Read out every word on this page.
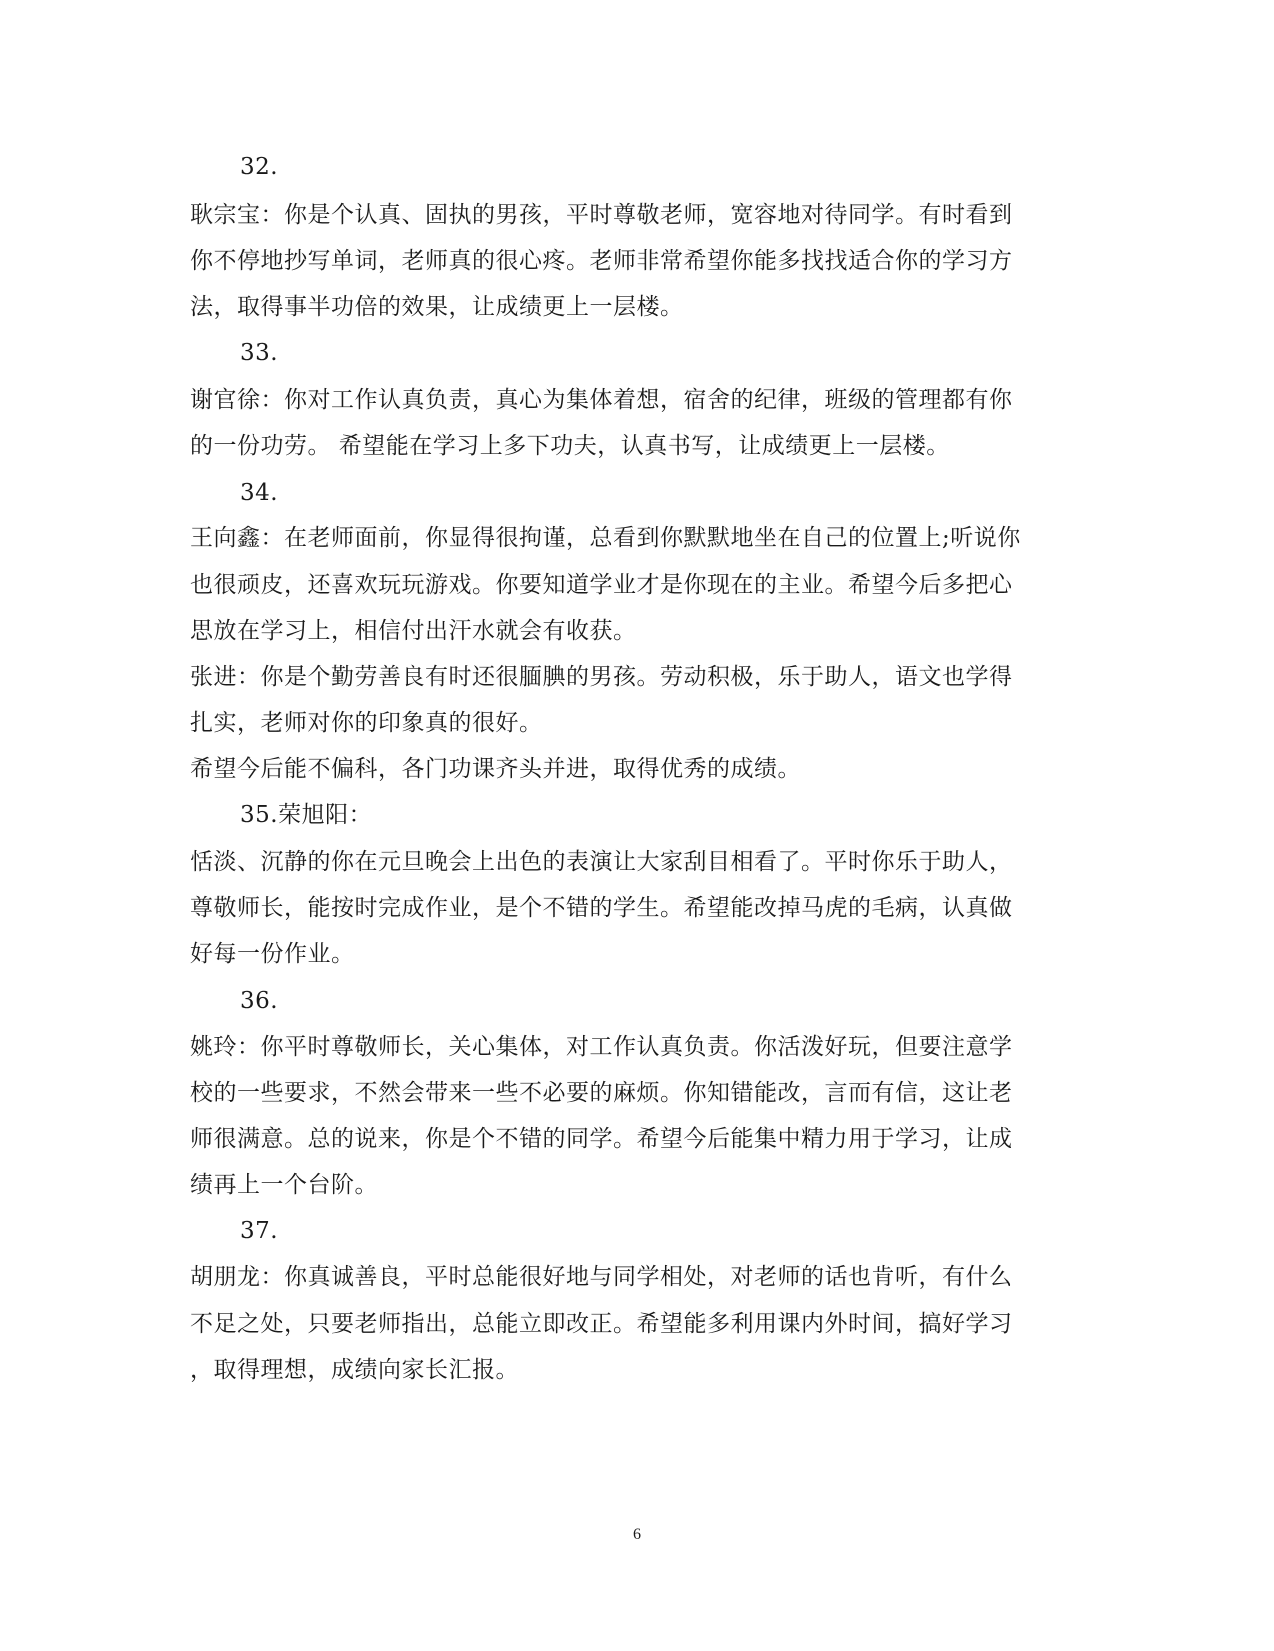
32.
耿宗宝：你是个认真、固执的男孩，平时尊敬老师，宽容地对待同学。有时看到
你不停地抄写单词，老师真的很心疼。老师非常希望你能多找找适合你的学习方
法，取得事半功倍的效果，让成绩更上一层楼。
33.
谢官徐：你对工作认真负责，真心为集体着想，宿舍的纪律，班级的管理都有你
的一份功劳。 希望能在学习上多下功夫，认真书写，让成绩更上一层楼。
34.
王向鑫：在老师面前，你显得很拘谨，总看到你默默地坐在自己的位置上;听说你
也很顽皮，还喜欢玩玩游戏。你要知道学业才是你现在的主业。希望今后多把心
思放在学习上，相信付出汗水就会有收获。
张进：你是个勤劳善良有时还很腼腆的男孩。劳动积极，乐于助人，语文也学得
扎实，老师对你的印象真的很好。
希望今后能不偏科，各门功课齐头并进，取得优秀的成绩。
35.荣旭阳：
恬淡、沉静的你在元旦晚会上出色的表演让大家刮目相看了。平时你乐于助人，
尊敬师长，能按时完成作业，是个不错的学生。希望能改掉马虎的毛病，认真做
好每一份作业。
36.
姚玲：你平时尊敬师长，关心集体，对工作认真负责。你活泼好玩，但要注意学
校的一些要求，不然会带来一些不必要的麻烦。你知错能改，言而有信，这让老
师很满意。总的说来，你是个不错的同学。希望今后能集中精力用于学习，让成
绩再上一个台阶。
37.
胡朋龙：你真诚善良，平时总能很好地与同学相处，对老师的话也肯听，有什么
不足之处，只要老师指出，总能立即改正。希望能多利用课内外时间，搞好学习
，取得理想，成绩向家长汇报。
6
